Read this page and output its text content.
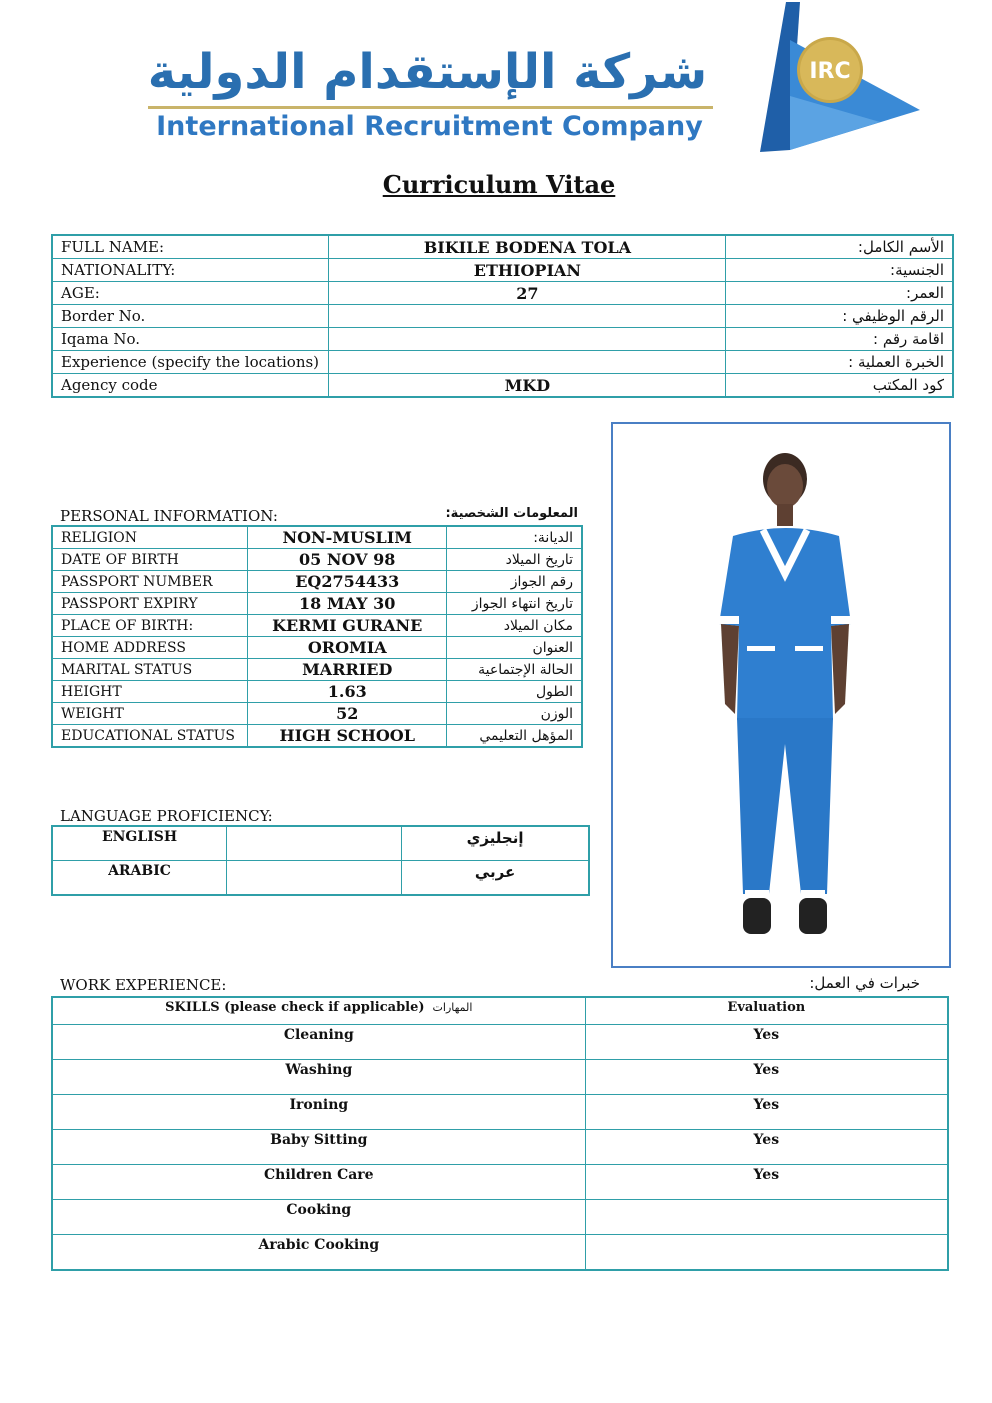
شركة الإستقدام الدولية
International Recruitment Company
IRC
Curriculum Vitae
FULL NAME:	BIKILE BODENA TOLA	الأسم الكامل:
NATIONALITY:	ETHIOPIAN	الجنسية:
AGE:	27	العمر:
Border No.		الرقم الوظيفي :
Iqama No.		اقامة رقم :
Experience (specify the locations)		الخبرة العملية :
Agency code	MKD	كود المكتب
PERSONAL INFORMATION:	المعلومات الشخصية:
RELIGION	NON-MUSLIM	الديانة:
DATE OF BIRTH	05 NOV 98	تاريخ الميلاد
PASSPORT NUMBER	EQ2754433	رقم الجواز
PASSPORT EXPIRY	18 MAY 30	تاريخ انتهاء الجواز
PLACE OF BIRTH:	KERMI GURANE	مكان الميلاد
HOME ADDRESS	OROMIA	العنوان
MARITAL STATUS	MARRIED	الحالة الإجتماعية
HEIGHT	1.63	الطول
WEIGHT	52	الوزن
EDUCATIONAL STATUS	HIGH SCHOOL	المؤهل التعليمي
LANGUAGE PROFICIENCY:
ENGLISH		إنجليزي
ARABIC		عربي
WORK EXPERIENCE:	خبرات في العمل:
SKILLS (please check if applicable) المهارات	Evaluation
Cleaning	Yes
Washing	Yes
Ironing	Yes
Baby Sitting	Yes
Children Care	Yes
Cooking	
Arabic Cooking	
